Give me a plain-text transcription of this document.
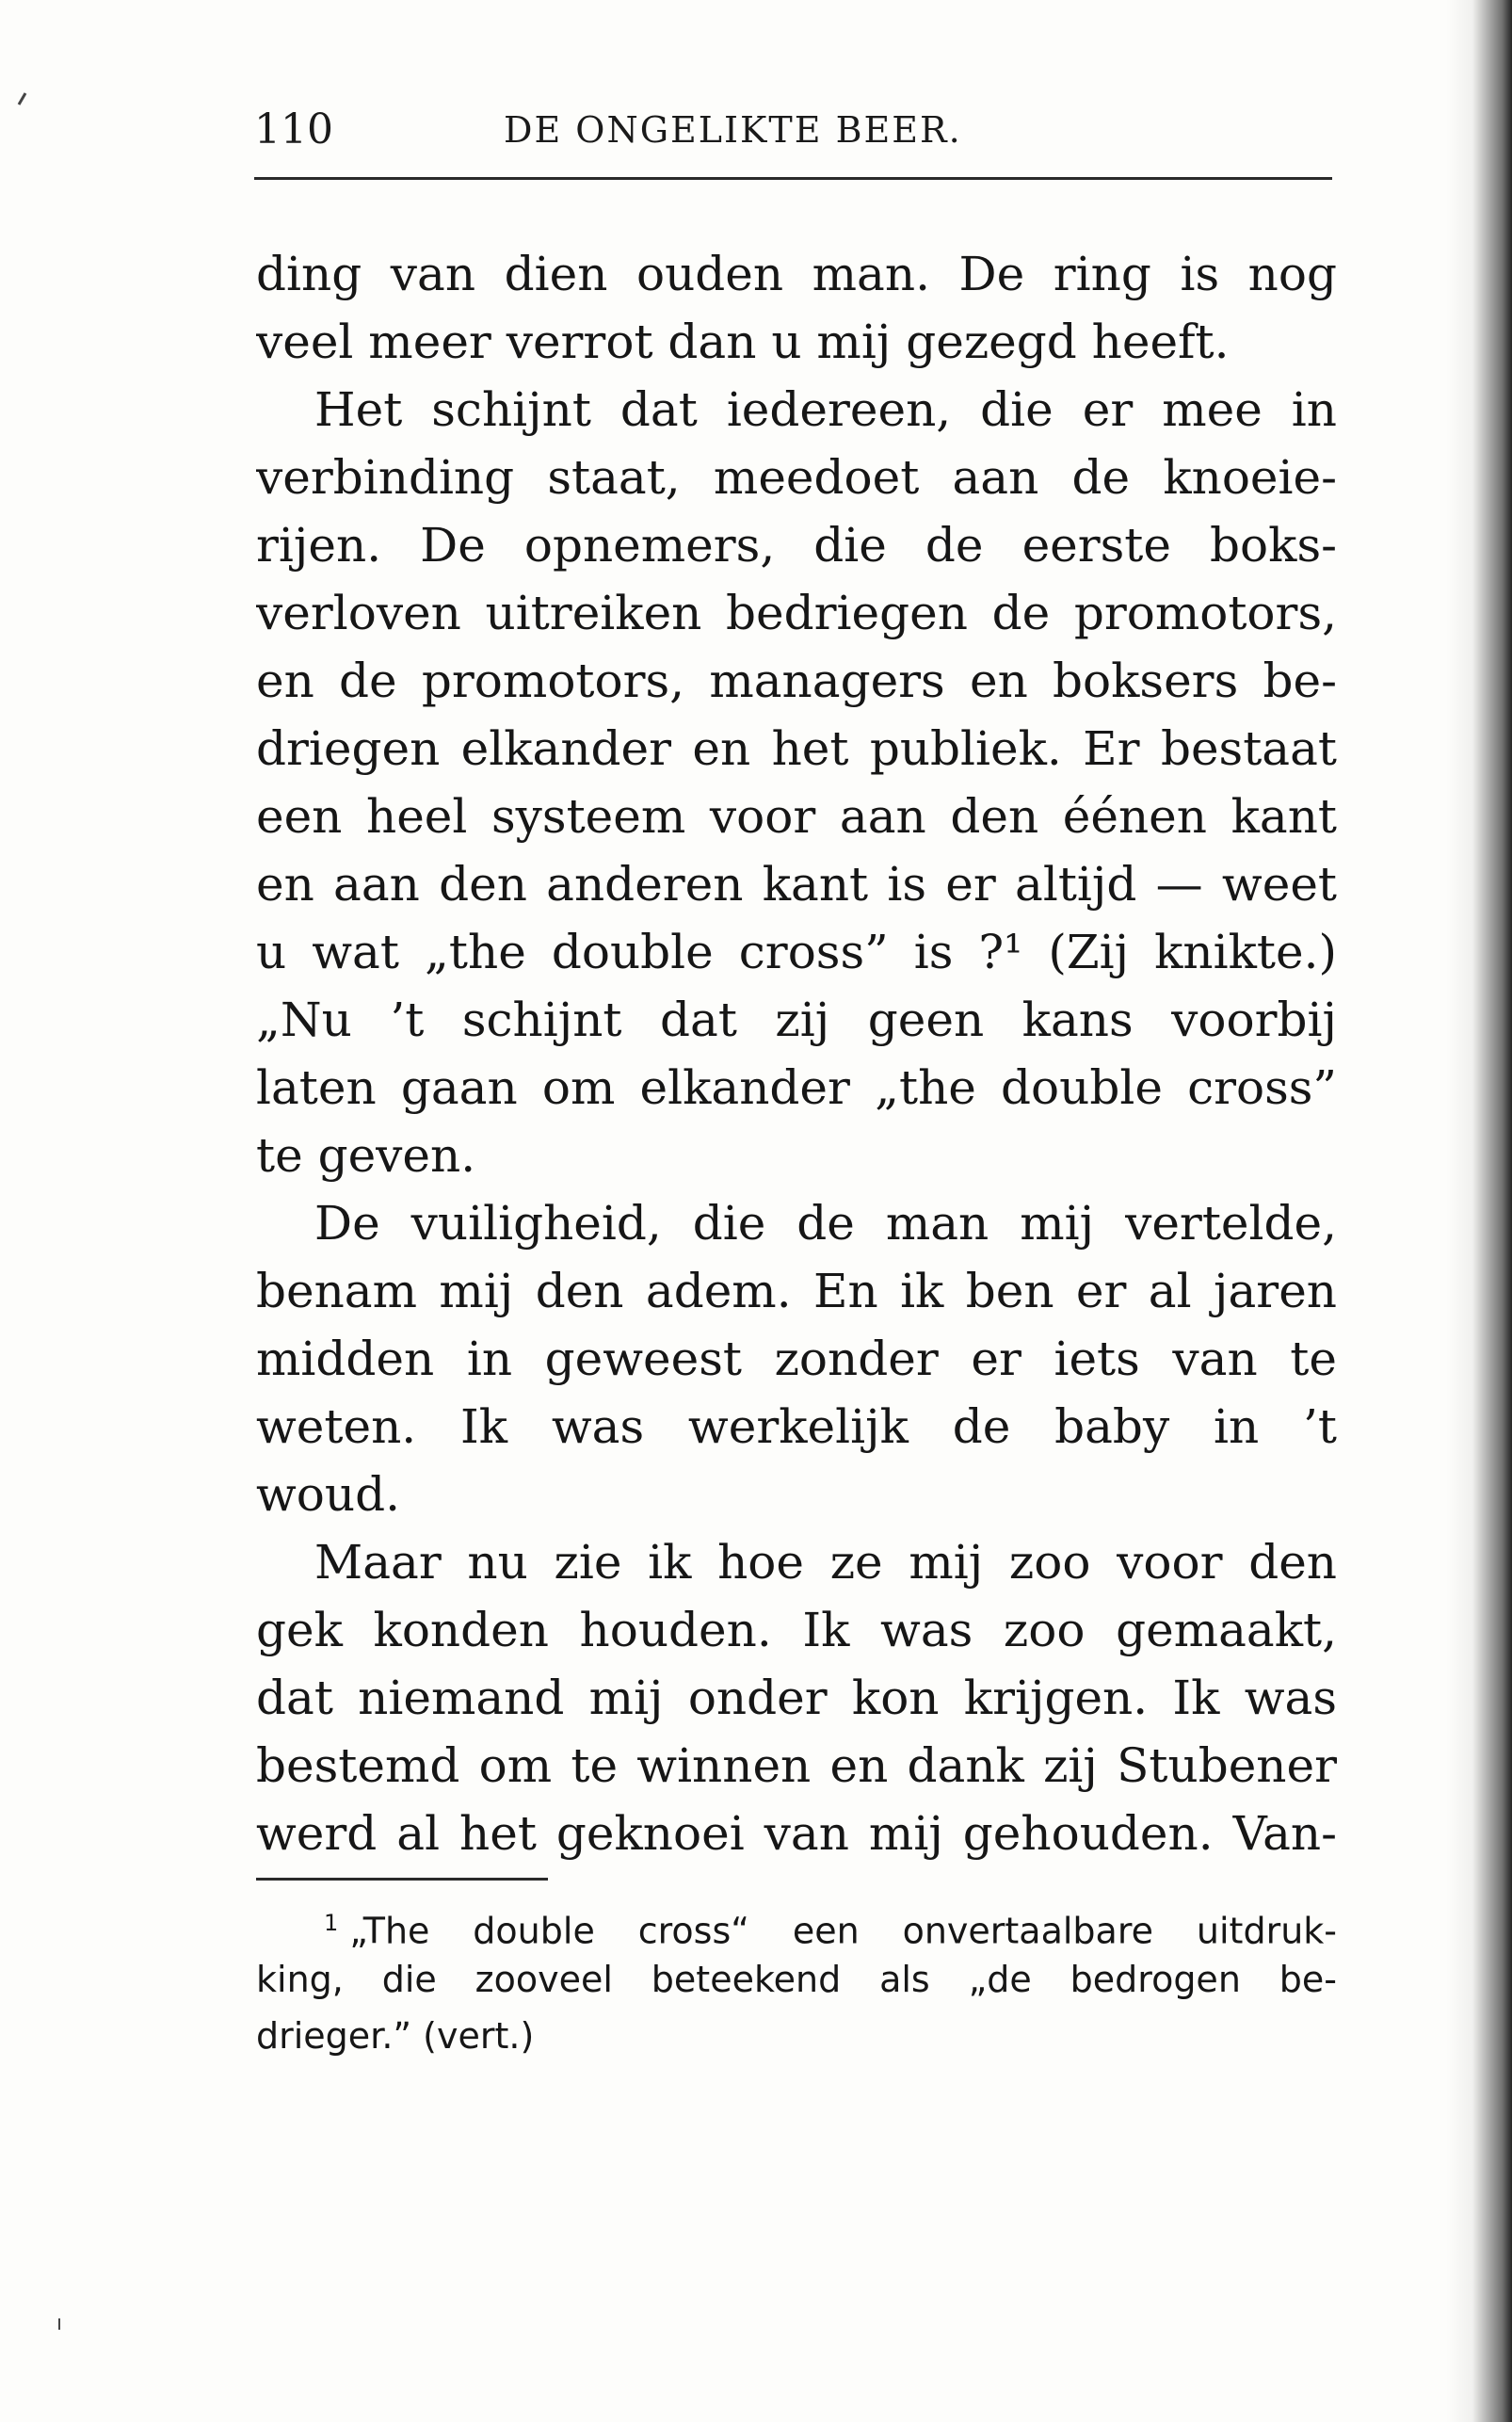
110	DE ONGELIKTE BEER.
ding van dien ouden man. De ring is nog
veel meer verrot dan u mij gezegd heeft.
Het schijnt dat iedereen, die er mee in
verbinding staat, meedoet aan de knoeie-
rijen. De opnemers, die de eerste boks-
verloven uitreiken bedriegen de promotors,
en de promotors, managers en boksers be-
driegen elkander en het publiek. Er bestaat
een heel systeem voor aan den éénen kant
en aan den anderen kant is er altijd — weet
u wat „the double cross” is ?¹ (Zij knikte.)
„Nu ’t schijnt dat zij geen kans voorbij
laten gaan om elkander „the double cross”
te geven.
De vuiligheid, die de man mij vertelde,
benam mij den adem. En ik ben er al jaren
midden in geweest zonder er iets van te
weten. Ik was werkelijk de baby in ’t
woud.
Maar nu zie ik hoe ze mij zoo voor den
gek konden houden. Ik was zoo gemaakt,
dat niemand mij onder kon krijgen. Ik was
bestemd om te winnen en dank zij Stubener
werd al het geknoei van mij gehouden. Van-
$^1$ „The double cross“ een onvertaalbare uitdruk-
king, die zooveel beteekend als „de bedrogen be-
drieger.” (vert.)
